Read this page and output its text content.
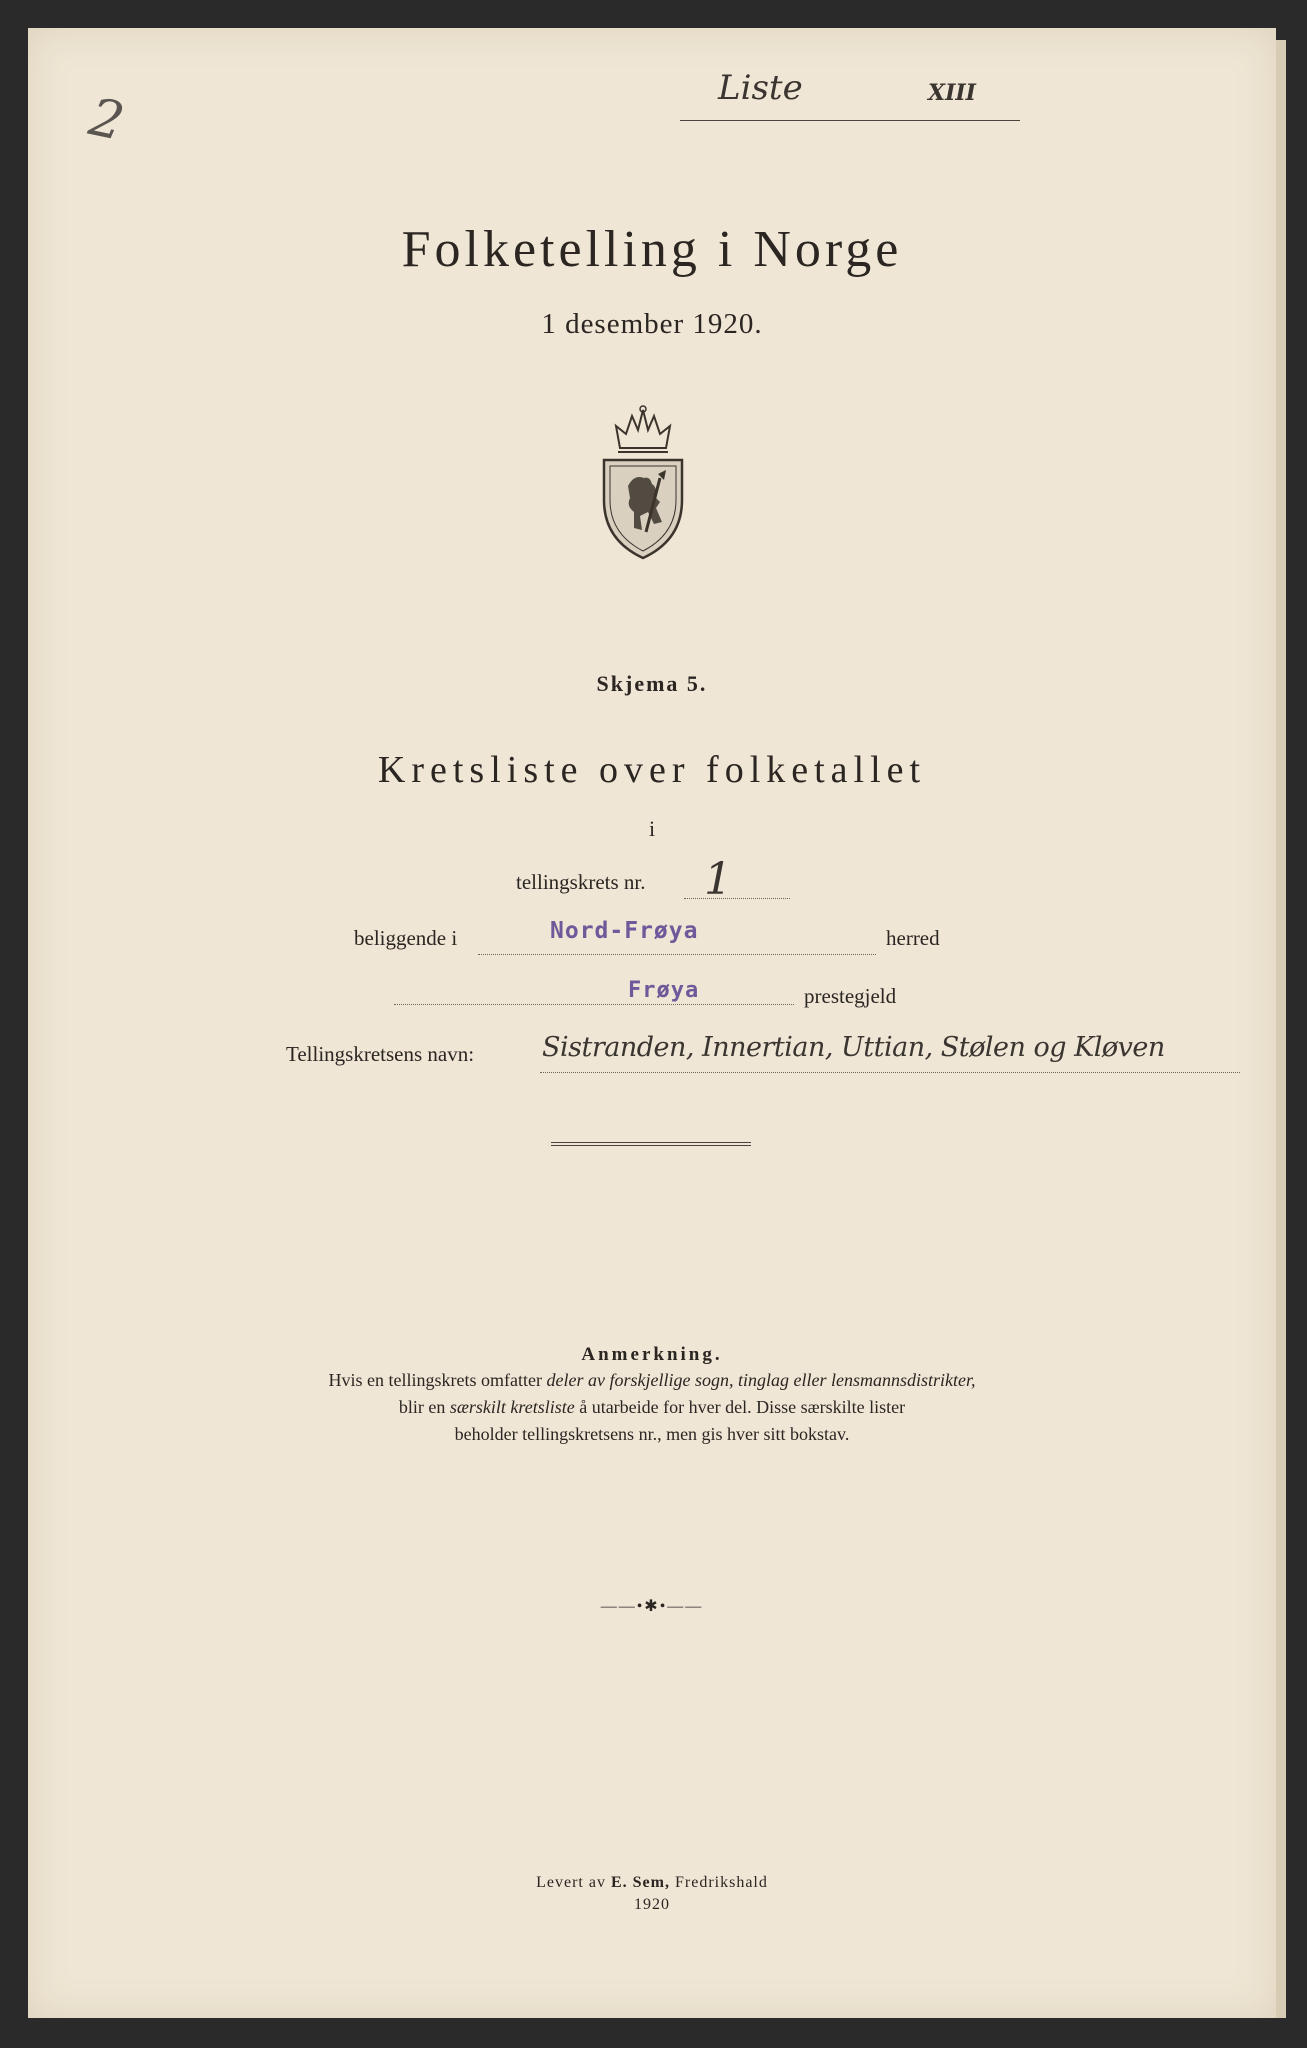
2	Liste	XIII
Folketelling i Norge
1 desember 1920.
Skjema 5.
Kretsliste over folketallet
i
tellingskrets nr. 1
beliggende i	Nord-Frøya	herred
Frøya	prestegjeld
Tellingskretsens navn:	Sistranden, Innertian, Uttian, Stølen og Kløven
Anmerkning.
Hvis en tellingskrets omfatter deler av forskjellige sogn, tinglag eller lensmannsdistrikter,
blir en særskilt kretsliste å utarbeide for hver del. Disse særskilte lister
beholder tellingskretsens nr., men gis hver sitt bokstav.
——•✱•——
Levert av E. Sem, Fredrikshald
1920
